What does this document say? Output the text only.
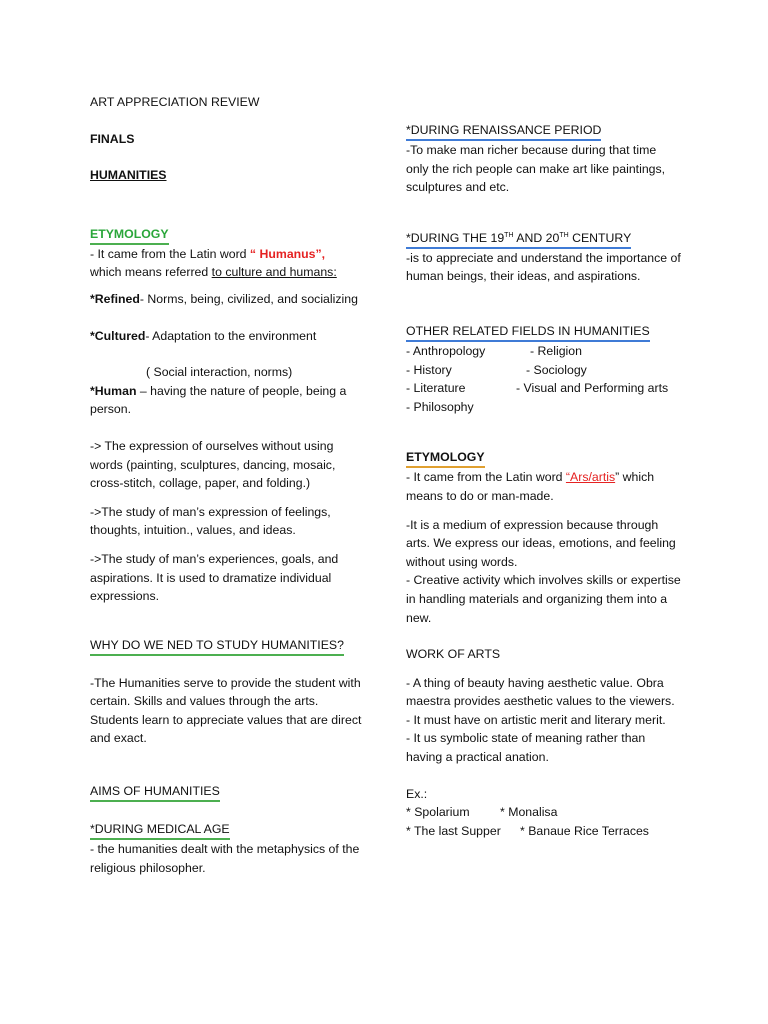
ART APPRECIATION REVIEW

FINALS

HUMANITIES

ETYMOLOGY

- It came from the Latin word “ Humanus”,

which means referred to culture and humans:

*Refined- Norms, being, civilized, and socializing

*Cultured- Adaptation to the environment

( Social interaction, norms)

*Human – having the nature of people, being a person.

-> The expression of ourselves without using words (painting, sculptures, dancing, mosaic, cross-stitch, collage, paper, and folding.)

->The study of man’s expression of feelings, thoughts, intuition., values, and ideas.

->The study of man’s experiences, goals, and aspirations. It is used to dramatize individual expressions.

WHY DO WE NED TO STUDY HUMANITIES?

-The Humanities serve to provide the student with certain. Skills and values through the arts. Students learn to appreciate values that are direct and exact.

AIMS OF HUMANITIES

*DURING MEDICAL AGE

- the humanities dealt with the metaphysics of the religious philosopher.

*DURING RENAISSANCE PERIOD

-To make man richer because during that time only the rich people can make art like paintings, sculptures and etc.

*DURING THE 19TH AND 20TH CENTURY

-is to appreciate and understand the importance of human beings, their ideas, and aspirations.

OTHER RELATED FIELDS IN HUMANITIES

- Anthropology	- Religion

- History	- Sociology

- Literature	- Visual and Performing arts

- Philosophy

ETYMOLOGY

- It came from the Latin word “Ars/artis” which means to do or man-made.

-It is a medium of expression because through arts. We express our ideas, emotions, and feeling without using words.

- Creative activity which involves skills or expertise in handling materials and organizing them into a new.

WORK OF ARTS

- A thing of beauty having aesthetic value. Obra maestra provides aesthetic values to the viewers.

- It must have on artistic merit and literary merit.

- It us symbolic state of meaning rather than having a practical anation.

Ex.:

* Spolarium * Monalisa

* The last Supper * Banaue Rice Terraces
